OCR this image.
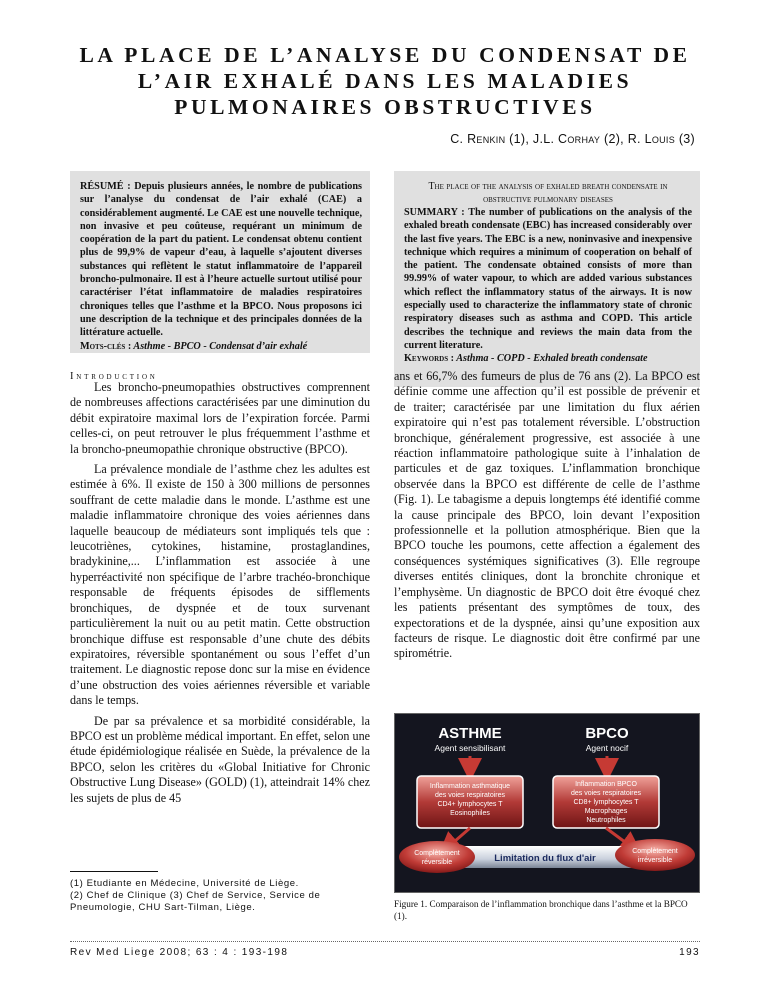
LA PLACE DE L’ANALYSE DU CONDENSAT DE L’AIR EXHALÉ DANS LES MALADIES PULMONAIRES OBSTRUCTIVES
C. Renkin (1), J.L. Corhay (2), R. Louis (3)
RÉSUMÉ : Depuis plusieurs années, le nombre de publications sur l’analyse du condensat de l’air exhalé (CAE) a considérablement augmenté. Le CAE est une nouvelle technique, non invasive et peu coûteuse, requérant un minimum de coopération de la part du patient. Le condensat obtenu contient plus de 99,9% de vapeur d’eau, à laquelle s’ajoutent diverses substances qui reflètent le statut inflammatoire de l’appareil broncho-pulmonaire. Il est à l’heure actuelle surtout utilisé pour caractériser l’état inflammatoire de maladies respiratoires chroniques telles que l’asthme et la BPCO. Nous proposons ici une description de la technique et des principales données de la littérature actuelle.
Mots-clés : Asthme - BPCO - Condensat d’air exhalé
The place of the analysis of exhaled breath condensate in obstructive pulmonary diseases
SUMMARY : The number of publications on the analysis of the exhaled breath condensate (EBC) has increased considerably over the last five years. The EBC is a new, noninvasive and inexpensive technique which requires a minimum of cooperation on behalf of the patient. The condensate obtained consists of more than 99.99% of water vapour, to which are added various substances which reflect the inflammatory status of the airways. It is now especially used to characterize the inflammatory state of chronic respiratory diseases such as asthma and COPD. This article describes the technique and reviews the main data from the current literature.
Keywords : Asthma - COPD - Exhaled breath condensate
Introduction

Les broncho-pneumopathies obstructives comprennent de nombreuses affections caractérisées par une diminution du débit expiratoire maximal lors de l’expiration forcée. Parmi celles-ci, on peut retrouver le plus fréquemment l’asthme et la broncho-pneumopathie chronique obstructive (BPCO).

La prévalence mondiale de l’asthme chez les adultes est estimée à 6%. Il existe de 150 à 300 millions de personnes souffrant de cette maladie dans le monde. L’asthme est une maladie inflammatoire chronique des voies aériennes dans laquelle beaucoup de médiateurs sont impliqués tels que : leucotriènes, cytokines, histamine, prostaglandines, bradykinine,... L’inflammation est associée à une hyperréactivité non spécifique de l’arbre trachéo-bronchique responsable de fréquents épisodes de sifflements bronchiques, de dyspnée et de toux survenant particulièrement la nuit ou au petit matin. Cette obstruction bronchique diffuse est responsable d’une chute des débits expiratoires, réversible spontanément ou sous l’effet d’un traitement. Le diagnostic repose donc sur la mise en évidence d’une obstruction des voies aériennes réversible et variable dans le temps.

De par sa prévalence et sa morbidité considérable, la BPCO est un problème médical important. En effet, selon une étude épidémiologique réalisée en Suède, la prévalence de la BPCO, selon les critères du «Global Initiative for Chronic Obstructive Lung Disease» (GOLD) (1), atteindrait 14% chez les sujets de plus de 45

ans et 66,7% des fumeurs de plus de 76 ans (2). La BPCO est définie comme une affection qu’il est possible de prévenir et de traiter; caractérisée par une limitation du flux aérien expiratoire qui n’est pas totalement réversible. L’obstruction bronchique, généralement progressive, est associée à une réaction inflammatoire pathologique suite à l’inhalation de particules et de gaz toxiques. L’inflammation bronchique observée dans la BPCO est différente de celle de l’asthme (Fig. 1). Le tabagisme a depuis longtemps été identifié comme la cause principale des BPCO, loin devant l’exposition professionnelle et la pollution atmosphérique. Bien que la BPCO touche les poumons, cette affection a également des conséquences systémiques significatives (3). Elle regroupe diverses entités cliniques, dont la bronchite chronique et l’emphysème. Un diagnostic de BPCO doit être évoqué chez les patients présentant des symptômes de toux, des expectorations et de la dyspnée, ainsi qu’une exposition aux facteurs de risque. Le diagnostic doit être confirmé par une spirométrie.

(1) Etudiante en Médecine, Université de Liège.
(2) Chef de Clinique (3) Chef de Service, Service de Pneumologie, CHU Sart-Tilman, Liège.
ASTHME
Agent sensibilisant
BPCO
Agent nocif
Inflammation asthmatique
des voies respiratoires
CD4+ lymphocytes T
Eosinophiles
Inflammation BPCO
des voies respiratoires
CD8+ lymphocytes T
Macrophages
Neutrophiles
Complètement
réversible
Complètement
irréversible
Limitation du flux d'air
Figure 1. Comparaison de l’inflammation bronchique dans l’asthme et la BPCO (1).
Rev Med Liege 2008; 63 : 4 : 193-198	193
